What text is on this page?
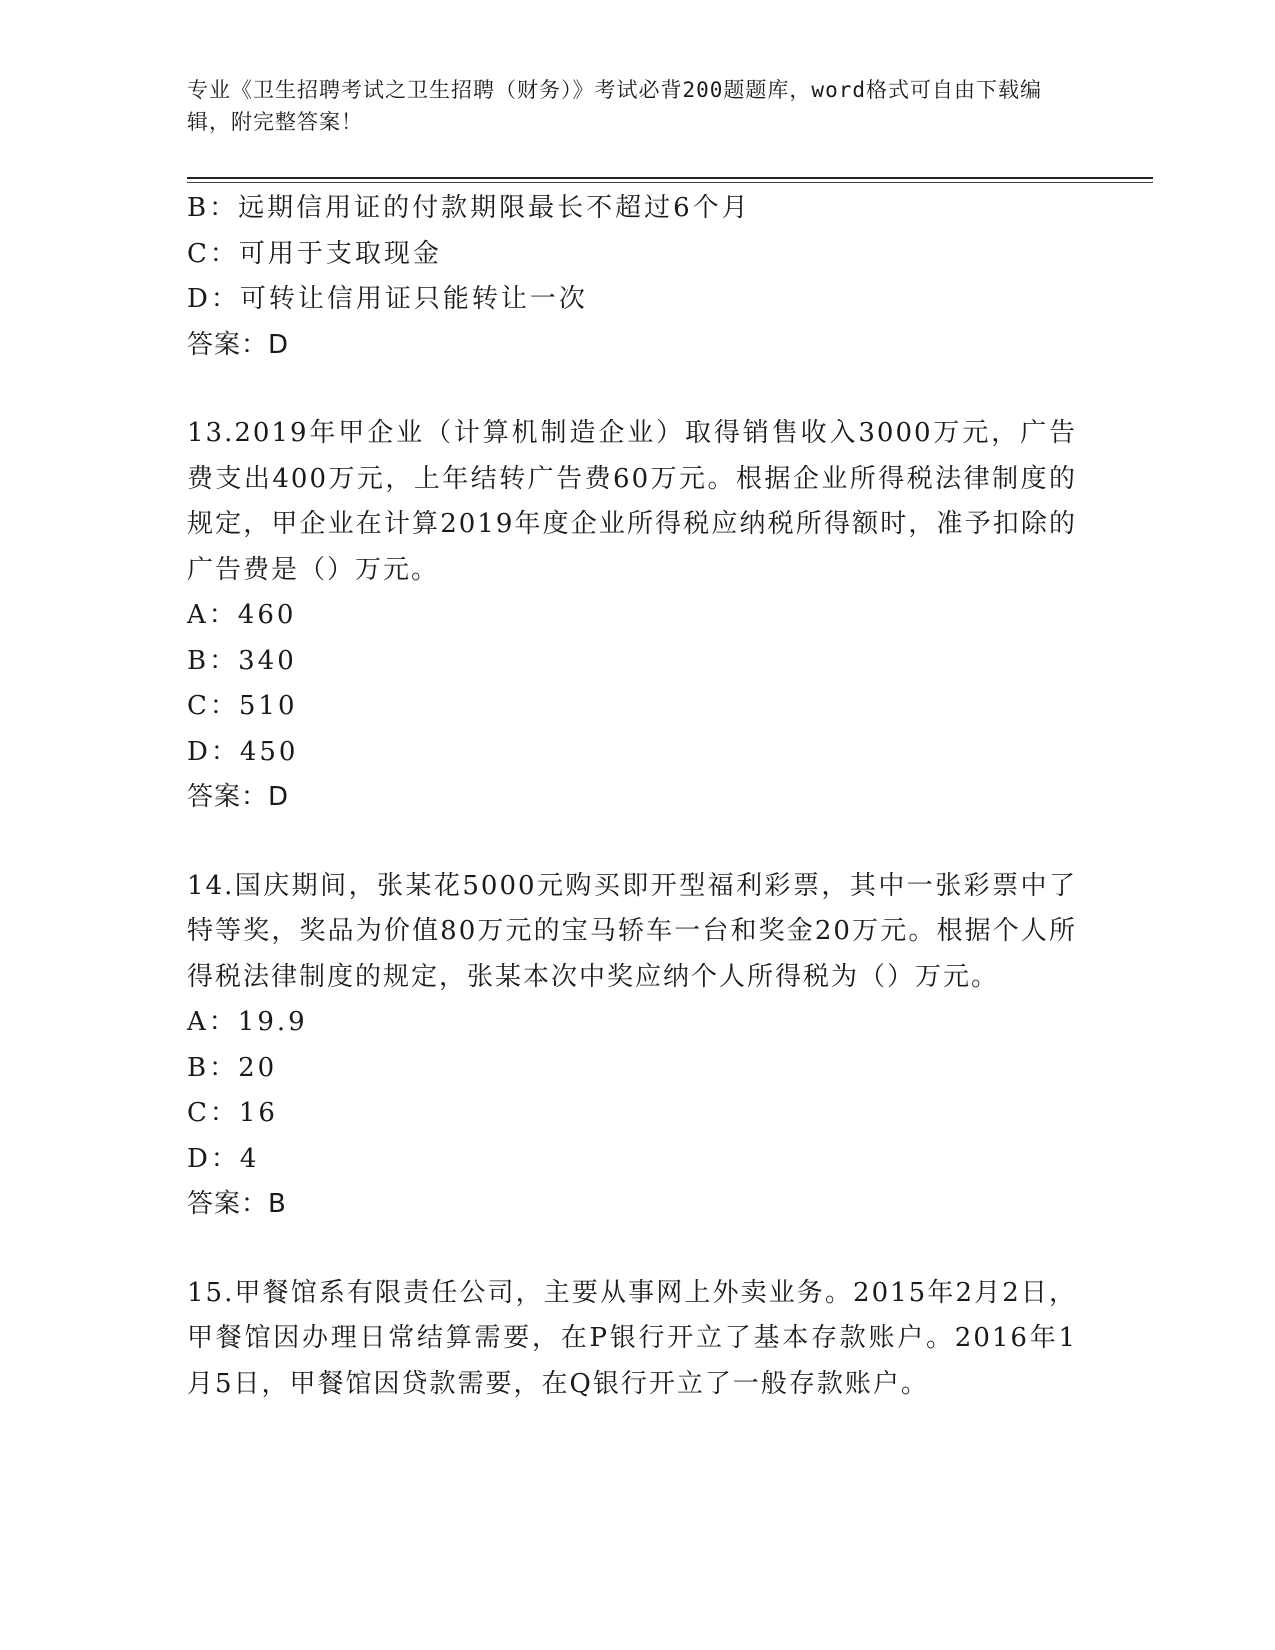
专业《卫生招聘考试之卫生招聘（财务）》考试必背200题题库，word格式可自由下载编辑，附完整答案！
B：远期信用证的付款期限最长不超过6个月
C：可用于支取现金
D：可转让信用证只能转让一次
答案：D
13.2019年甲企业（计算机制造企业）取得销售收入3000万元，广告费支出400万元，上年结转广告费60万元。根据企业所得税法律制度的规定，甲企业在计算2019年度企业所得税应纳税所得额时，准予扣除的广告费是（）万元。
A：460
B：340
C：510
D：450
答案：D
14.国庆期间，张某花5000元购买即开型福利彩票，其中一张彩票中了特等奖，奖品为价值80万元的宝马轿车一台和奖金20万元。根据个人所得税法律制度的规定，张某本次中奖应纳个人所得税为（）万元。
A：19.9
B：20
C：16
D：4
答案：B
15.甲餐馆系有限责任公司，主要从事网上外卖业务。2015年2月2日，甲餐馆因办理日常结算需要，在P银行开立了基本存款账户。2016年1月5日，甲餐馆因贷款需要，在Q银行开立了一般存款账户。
